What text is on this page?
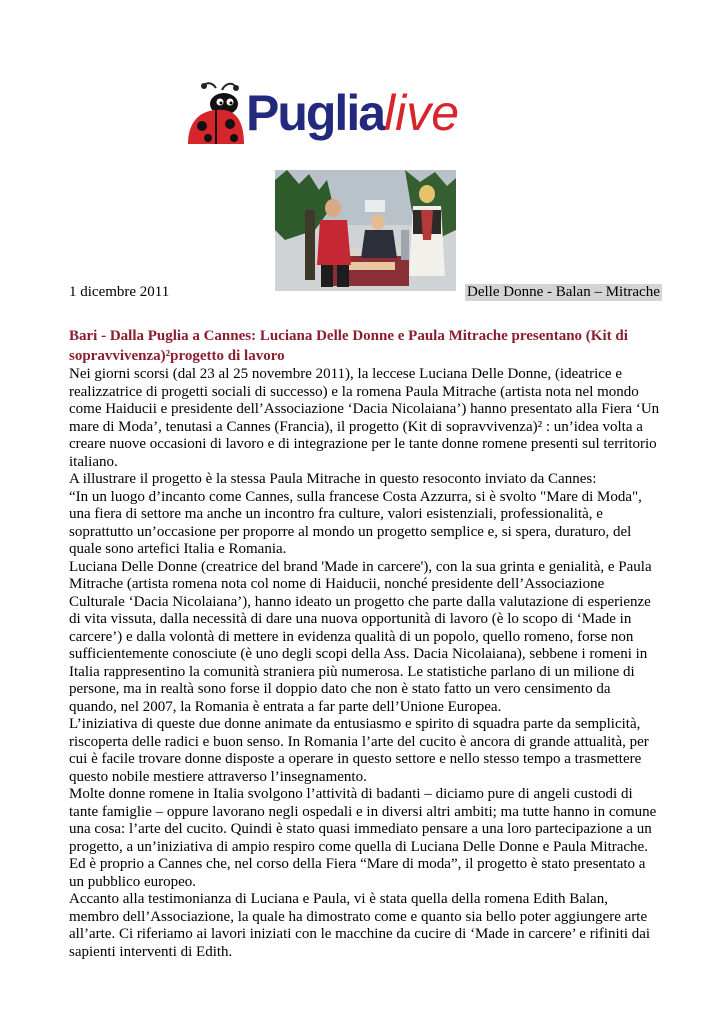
Puglialive
1 dicembre 2011	Delle Donne - Balan – Mitrache
Bari - Dalla Puglia a Cannes: Luciana Delle Donne e Paula Mitrache presentano (Kit di sopravvivenza)²progetto di lavoro

Nei giorni scorsi (dal 23 al 25 novembre 2011), la leccese Luciana Delle Donne, (ideatrice e realizzatrice di progetti sociali di successo) e la romena Paula Mitrache (artista nota nel mondo come Haiducii e presidente dell’Associazione ‘Dacia Nicolaiana’) hanno presentato alla Fiera ‘Un mare di Moda’, tenutasi a Cannes (Francia), il progetto (Kit di sopravvivenza)² : un’idea volta a creare nuove occasioni di lavoro e di integrazione per le tante donne romene presenti sul territorio italiano.

A illustrare il progetto è la stessa Paula Mitrache in questo resoconto inviato da Cannes:

“In un luogo d’incanto come Cannes, sulla francese Costa Azzurra, si è svolto "Mare di Moda", una fiera di settore ma anche un incontro fra culture, valori esistenziali, professionalità, e soprattutto un’occasione per proporre al mondo un progetto semplice e, si spera, duraturo, del quale sono artefici Italia e Romania.

Luciana Delle Donne (creatrice del brand 'Made in carcere'), con la sua grinta e genialità, e Paula Mitrache (artista romena nota col nome di Haiducii, nonché presidente dell’Associazione Culturale ‘Dacia Nicolaiana’), hanno ideato un progetto che parte dalla valutazione di esperienze di vita vissuta, dalla necessità di dare una nuova opportunità di lavoro (è lo scopo di ‘Made in carcere’) e dalla volontà di mettere in evidenza qualità di un popolo, quello romeno, forse non sufficientemente conosciute (è uno degli scopi della Ass. Dacia Nicolaiana), sebbene i romeni in Italia rappresentino la comunità straniera più numerosa. Le statistiche parlano di un milione di persone, ma in realtà sono forse il doppio dato che non è stato fatto un vero censimento da quando, nel 2007, la Romania è entrata a far parte dell’Unione Europea.

L’iniziativa di queste due donne animate da entusiasmo e spirito di squadra parte da semplicità, riscoperta delle radici e buon senso. In Romania l’arte del cucito è ancora di grande attualità, per cui è facile trovare donne disposte a operare in questo settore e nello stesso tempo a trasmettere questo nobile mestiere attraverso l’insegnamento.

Molte donne romene in Italia svolgono l’attività di badanti – diciamo pure di angeli custodi di tante famiglie – oppure lavorano negli ospedali e in diversi altri ambiti; ma tutte hanno in comune una cosa: l’arte del cucito. Quindi è stato quasi immediato pensare a una loro partecipazione a un progetto, a un’iniziativa di ampio respiro come quella di Luciana Delle Donne e Paula Mitrache. Ed è proprio a Cannes che, nel corso della Fiera “Mare di moda”, il progetto è stato presentato a un pubblico europeo.

Accanto alla testimonianza di Luciana e Paula, vi è stata quella della romena Edith Balan, membro dell’Associazione, la quale ha dimostrato come e quanto sia bello poter aggiungere arte all’arte. Ci riferiamo ai lavori iniziati con le macchine da cucire di ‘Made in carcere’ e rifiniti dai sapienti interventi di Edith.
